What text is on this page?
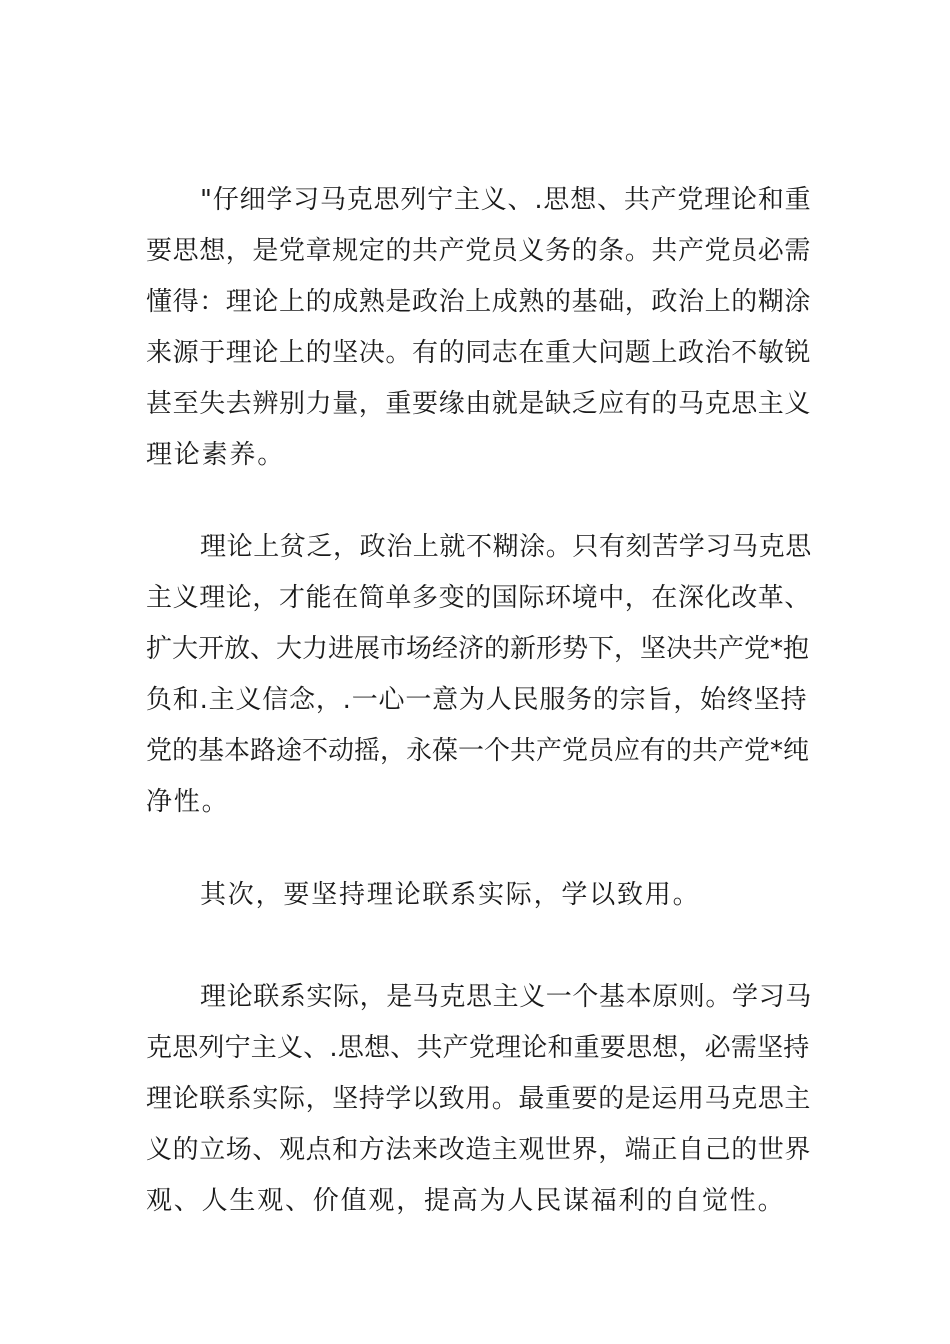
"仔细学习马克思列宁主义、.思想、共产党理论和重
要思想，是党章规定的共产党员义务的条。共产党员必需
懂得：理论上的成熟是政治上成熟的基础，政治上的糊涂
来源于理论上的坚决。有的同志在重大问题上政治不敏锐
甚至失去辨别力量，重要缘由就是缺乏应有的马克思主义
理论素养。
理论上贫乏，政治上就不糊涂。只有刻苦学习马克思
主义理论，才能在简单多变的国际环境中，在深化改革、
扩大开放、大力进展市场经济的新形势下，坚决共产党*抱
负和.主义信念，.一心一意为人民服务的宗旨，始终坚持
党的基本路途不动摇，永葆一个共产党员应有的共产党*纯
净性。
其次，要坚持理论联系实际，学以致用。
理论联系实际，是马克思主义一个基本原则。学习马
克思列宁主义、.思想、共产党理论和重要思想，必需坚持
理论联系实际，坚持学以致用。最重要的是运用马克思主
义的立场、观点和方法来改造主观世界，端正自己的世界
观、人生观、价值观，提高为人民谋福利的自觉性。
